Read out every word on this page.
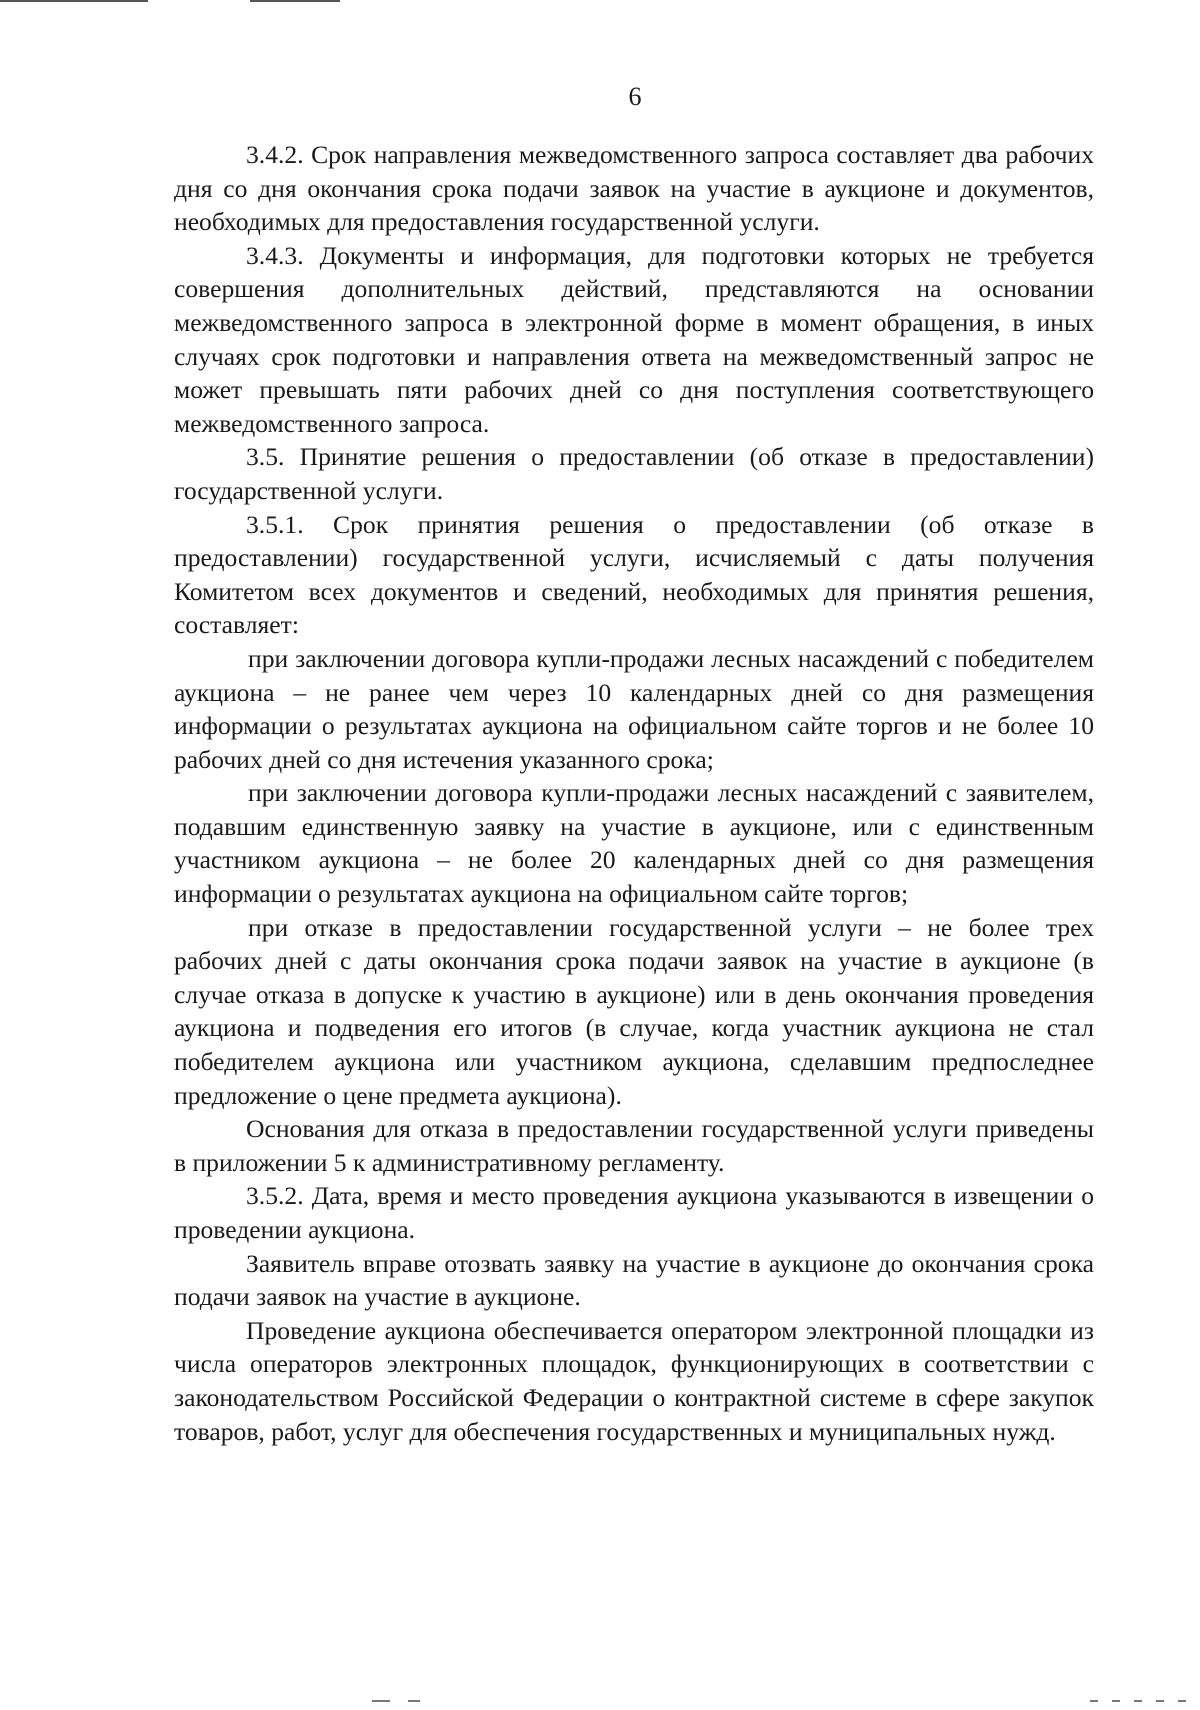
6

3.4.2. Срок направления межведомственного запроса составляет два рабочих дня со дня окончания срока подачи заявок на участие в аукционе и документов, необходимых для предоставления государственной услуги.

3.4.3. Документы и информация, для подготовки которых не требуется совершения дополнительных действий, представляются на основании межведомственного запроса в электронной форме в момент обращения, в иных случаях срок подготовки и направления ответа на межведомственный запрос не может превышать пяти рабочих дней со дня поступления соответствующего межведомственного запроса.

3.5. Принятие решения о предоставлении (об отказе в предоставлении) государственной услуги.

3.5.1. Срок принятия решения о предоставлении (об отказе в предоставлении) государственной услуги, исчисляемый с даты получения Комитетом всех документов и сведений, необходимых для принятия решения, составляет:

при заключении договора купли-продажи лесных насаждений с победителем аукциона – не ранее чем через 10 календарных дней со дня размещения информации о результатах аукциона на официальном сайте торгов и не более 10 рабочих дней со дня истечения указанного срока;

при заключении договора купли-продажи лесных насаждений с заявителем, подавшим единственную заявку на участие в аукционе, или с единственным участником аукциона – не более 20 календарных дней со дня размещения информации о результатах аукциона на официальном сайте торгов;

при отказе в предоставлении государственной услуги – не более трех рабочих дней с даты окончания срока подачи заявок на участие в аукционе (в случае отказа в допуске к участию в аукционе) или в день окончания проведения аукциона и подведения его итогов (в случае, когда участник аукциона не стал победителем аукциона или участником аукциона, сделавшим предпоследнее предложение о цене предмета аукциона).

Основания для отказа в предоставлении государственной услуги приведены в приложении 5 к административному регламенту.

3.5.2. Дата, время и место проведения аукциона указываются в извещении о проведении аукциона.

Заявитель вправе отозвать заявку на участие в аукционе до окончания срока подачи заявок на участие в аукционе.

Проведение аукциона обеспечивается оператором электронной площадки из числа операторов электронных площадок, функционирующих в соответствии с законодательством Российской Федерации о контрактной системе в сфере закупок товаров, работ, услуг для обеспечения государственных и муниципальных нужд.
